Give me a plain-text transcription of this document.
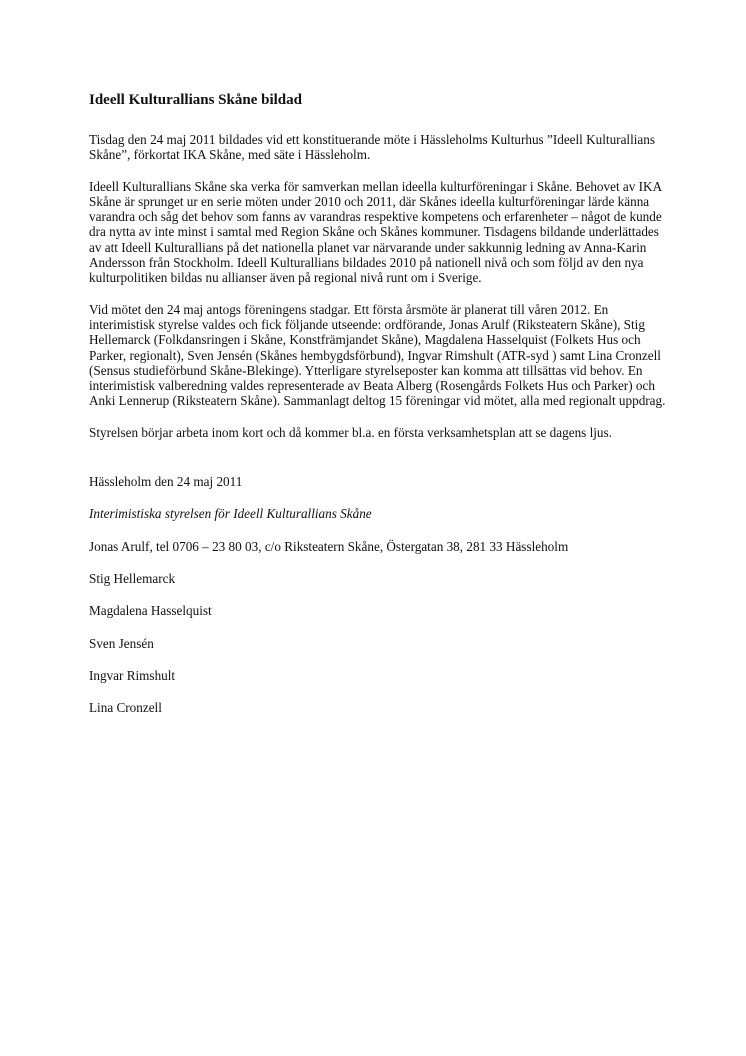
Ideell Kulturallians Skåne bildad

Tisdag den 24 maj 2011 bildades vid ett konstituerande möte i Hässleholms Kulturhus ”Ideell Kulturallians Skåne”, förkortat IKA Skåne, med säte i Hässleholm.

Ideell Kulturallians Skåne ska verka för samverkan mellan ideella kulturföreningar i Skåne. Behovet av IKA Skåne är sprunget ur en serie möten under 2010 och 2011, där Skånes ideella kulturföreningar lärde känna varandra och såg det behov som fanns av varandras respektive kompetens och erfarenheter – något de kunde dra nytta av inte minst i samtal med Region Skåne och Skånes kommuner. Tisdagens bildande underlättades av att Ideell Kulturallians på det nationella planet var närvarande under sakkunnig ledning av Anna-Karin Andersson från Stockholm. Ideell Kulturallians bildades 2010 på nationell nivå och som följd av den nya kulturpolitiken bildas nu allianser även på regional nivå runt om i Sverige.

Vid mötet den 24 maj antogs föreningens stadgar. Ett första årsmöte är planerat till våren 2012. En interimistisk styrelse valdes och fick följande utseende: ordförande, Jonas Arulf (Riksteatern Skåne), Stig Hellemarck (Folkdansringen i Skåne, Konstfrämjandet Skåne), Magdalena Hasselquist (Folkets Hus och Parker, regionalt), Sven Jensén (Skånes hembygdsförbund), Ingvar Rimshult (ATR-syd ) samt Lina Cronzell (Sensus studieförbund Skåne-Blekinge). Ytterligare styrelseposter kan komma att tillsättas vid behov. En interimistisk valberedning valdes representerade av Beata Alberg (Rosengårds Folkets Hus och Parker) och Anki Lennerup (Riksteatern Skåne). Sammanlagt deltog 15 föreningar vid mötet, alla med regionalt uppdrag.

Styrelsen börjar arbeta inom kort och då kommer bl.a. en första verksamhetsplan att se dagens ljus.

Hässleholm den 24 maj 2011
Interimistiska styrelsen för Ideell Kulturallians Skåne
Jonas Arulf, tel 0706 – 23 80 03, c/o Riksteatern Skåne, Östergatan 38, 281 33 Hässleholm
Stig Hellemarck
Magdalena Hasselquist
Sven Jensén
Ingvar Rimshult
Lina Cronzell
